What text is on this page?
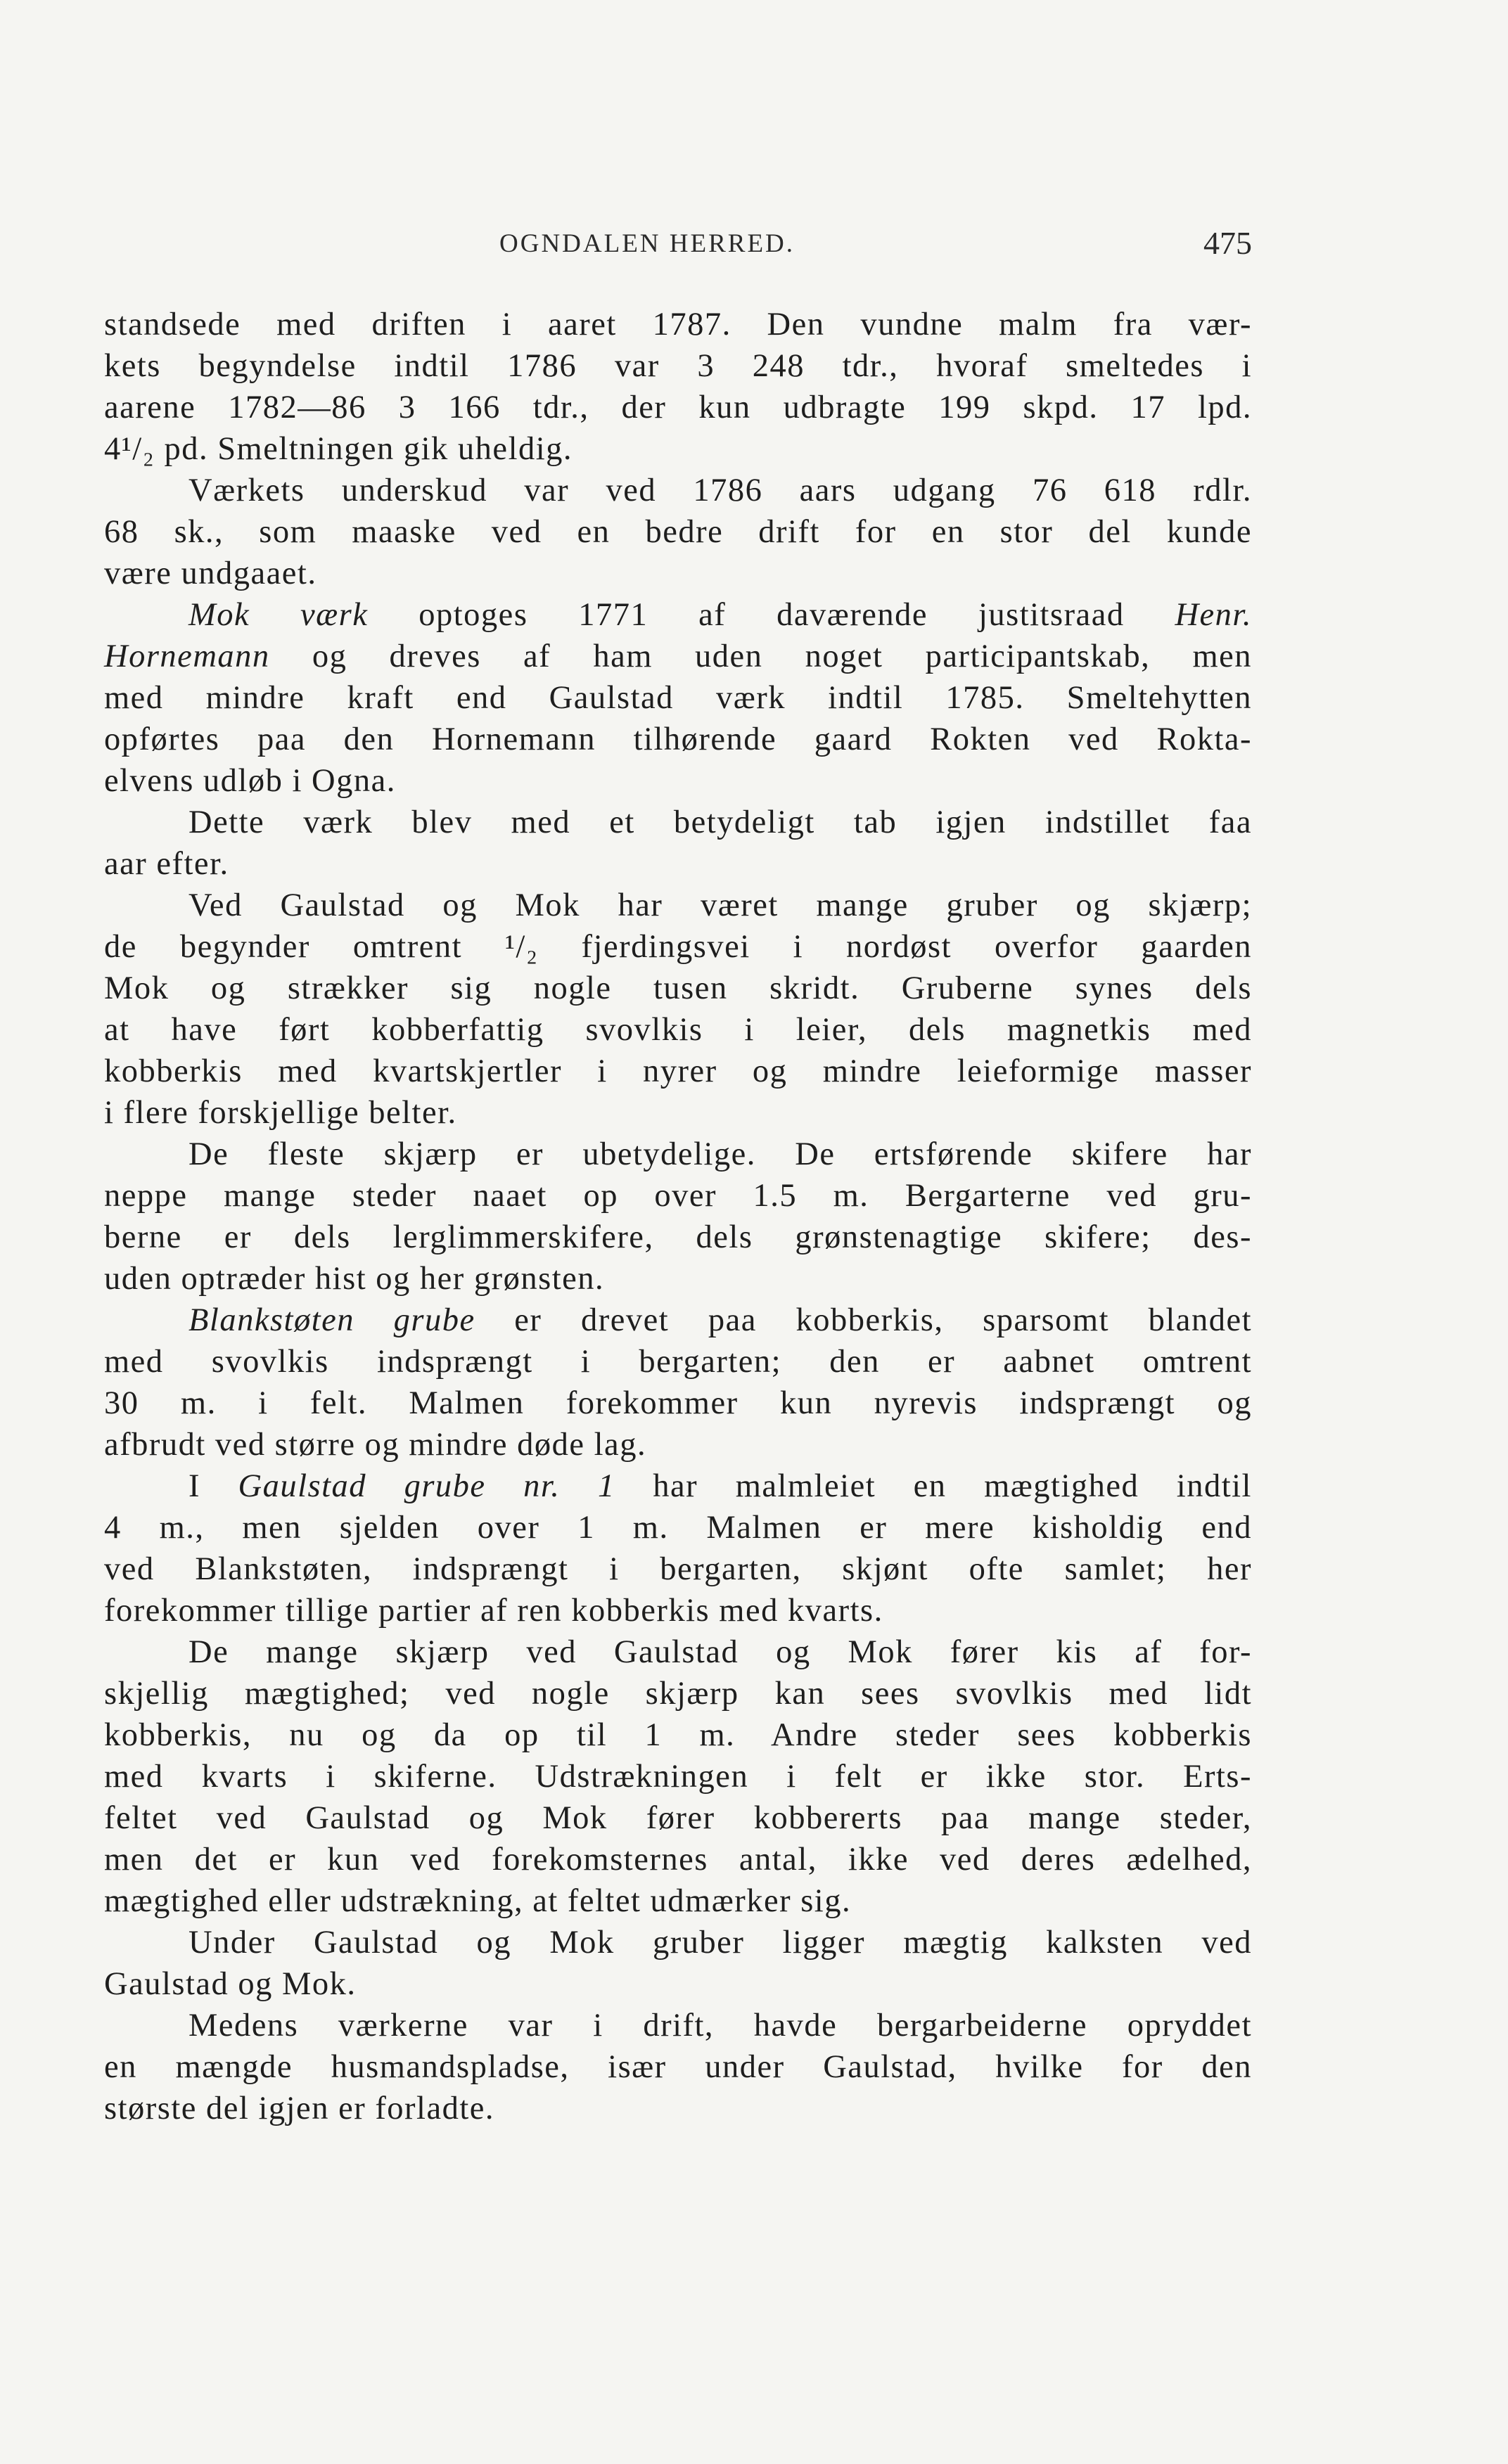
OGNDALEN HERRED.	475
standsede med driften i aaret 1787. Den vundne malm fra vær-
kets begyndelse indtil 1786 var 3 248 tdr., hvoraf smeltedes i
aarene 1782—86 3 166 tdr., der kun udbragte 199 skpd. 17 lpd.
4¹/₂ pd. Smeltningen gik uheldig.
Værkets underskud var ved 1786 aars udgang 76 618 rdlr.
68 sk., som maaske ved en bedre drift for en stor del kunde
være undgaaet.
Mok værk optoges 1771 af daværende justitsraad Henr.
Hornemann og dreves af ham uden noget participantskab, men
med mindre kraft end Gaulstad værk indtil 1785. Smeltehytten
opførtes paa den Hornemann tilhørende gaard Rokten ved Rokta-
elvens udløb i Ogna.
Dette værk blev med et betydeligt tab igjen indstillet faa
aar efter.
Ved Gaulstad og Mok har været mange gruber og skjærp;
de begynder omtrent ¹/₂ fjerdingsvei i nordøst overfor gaarden
Mok og strækker sig nogle tusen skridt. Gruberne synes dels
at have ført kobberfattig svovlkis i leier, dels magnetkis med
kobberkis med kvartskjertler i nyrer og mindre leieformige masser
i flere forskjellige belter.
De fleste skjærp er ubetydelige. De ertsførende skifere har
neppe mange steder naaet op over 1.5 m. Bergarterne ved gru-
berne er dels lerglimmerskifere, dels grønstenagtige skifere; des-
uden optræder hist og her grønsten.
Blankstøten grube er drevet paa kobberkis, sparsomt blandet
med svovlkis indsprængt i bergarten; den er aabnet omtrent
30 m. i felt. Malmen forekommer kun nyrevis indsprængt og
afbrudt ved større og mindre døde lag.
I Gaulstad grube nr. 1 har malmleiet en mægtighed indtil
4 m., men sjelden over 1 m. Malmen er mere kisholdig end
ved Blankstøten, indsprængt i bergarten, skjønt ofte samlet; her
forekommer tillige partier af ren kobberkis med kvarts.
De mange skjærp ved Gaulstad og Mok fører kis af for-
skjellig mægtighed; ved nogle skjærp kan sees svovlkis med lidt
kobberkis, nu og da op til 1 m. Andre steder sees kobberkis
med kvarts i skiferne. Udstrækningen i felt er ikke stor. Erts-
feltet ved Gaulstad og Mok fører kobbererts paa mange steder,
men det er kun ved forekomsternes antal, ikke ved deres ædelhed,
mægtighed eller udstrækning, at feltet udmærker sig.
Under Gaulstad og Mok gruber ligger mægtig kalksten ved
Gaulstad og Mok.
Medens værkerne var i drift, havde bergarbeiderne opryddet
en mængde husmandspladse, især under Gaulstad, hvilke for den
største del igjen er forladte.
